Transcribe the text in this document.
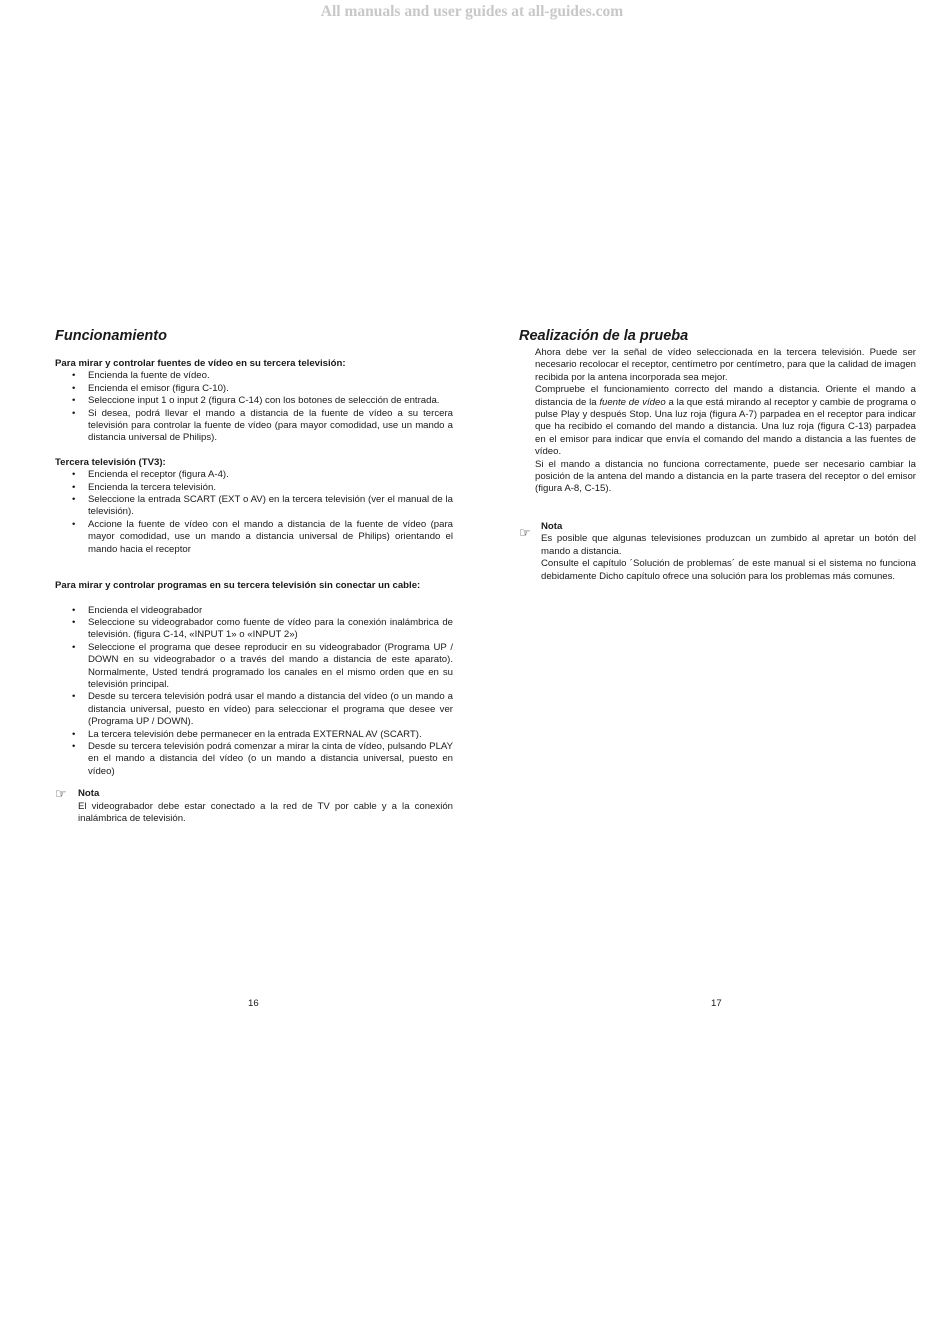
All manuals and user guides at all-guides.com
Funcionamiento

Para mirar y controlar fuentes de vídeo en su tercera televisión:

• Encienda la fuente de vídeo.
• Encienda el emisor (figura C-10).
• Seleccione input 1 o input 2 (figura C-14) con los botones de selección de entrada.
• Si desea, podrá llevar el mando a distancia de la fuente de vídeo a su tercera televisión para controlar la fuente de vídeo (para mayor comodidad, use un mando a distancia universal de Philips).

Tercera televisión (TV3):

• Encienda el receptor (figura A-4).
• Encienda la tercera televisión.
• Seleccione la entrada SCART (EXT o AV) en la tercera televisión (ver el manual de la televisión).
• Accione la fuente de vídeo con el mando a distancia de la fuente de vídeo (para mayor comodidad, use un mando a distancia universal de Philips) orientando el mando hacia el receptor

Para mirar y controlar programas en su tercera televisión sin conectar un cable:

• Encienda el videograbador
• Seleccione su videograbador como fuente de vídeo para la conexión inalámbrica de televisión. (figura C-14, «INPUT 1» o «INPUT 2»)
• Seleccione el programa que desee reproducir en su videograbador (Programa UP / DOWN en su videograbador o a través del mando a distancia de este aparato). Normalmente, Usted tendrá programado los canales en el mismo orden que en su televisión principal.
• Desde su tercera televisión podrá usar el mando a distancia del vídeo (o un mando a distancia universal, puesto en vídeo) para seleccionar el programa que desee ver (Programa UP / DOWN).
• La tercera televisión debe permanecer en la entrada EXTERNAL AV (SCART).
• Desde su tercera televisión podrá comenzar a mirar la cinta de vídeo, pulsando PLAY en el mando a distancia del vídeo (o un mando a distancia universal, puesto en vídeo)
☞	Nota
El videograbador debe estar conectado a la red de TV por cable y a la conexión inalámbrica de televisión.
Realización de la prueba

Ahora debe ver la señal de vídeo seleccionada en la tercera televisión. Puede ser necesario recolocar el receptor, centímetro por centímetro, para que la calidad de imagen recibida por la antena incorporada sea mejor.

Compruebe el funcionamiento correcto del mando a distancia. Oriente el mando a distancia de la fuente de vídeo a la que está mirando al receptor y cambie de programa o pulse Play y después Stop. Una luz roja (figura A-7) parpadea en el receptor para indicar que ha recibido el comando del mando a distancia. Una luz roja (figura C-13) parpadea en el emisor para indicar que envía el comando del mando a distancia a las fuentes de vídeo.

Si el mando a distancia no funciona correctamente, puede ser necesario cambiar la posición de la antena del mando a distancia en la parte trasera del receptor o del emisor (figura A-8, C-15).

☞	Nota
Es posible que algunas televisiones produzcan un zumbido al apretar un botón del mando a distancia.
Consulte el capítulo ´Solución de problemas´ de este manual si el sistema no funciona debidamente Dicho capítulo ofrece una solución para los problemas más comunes.
16	17
